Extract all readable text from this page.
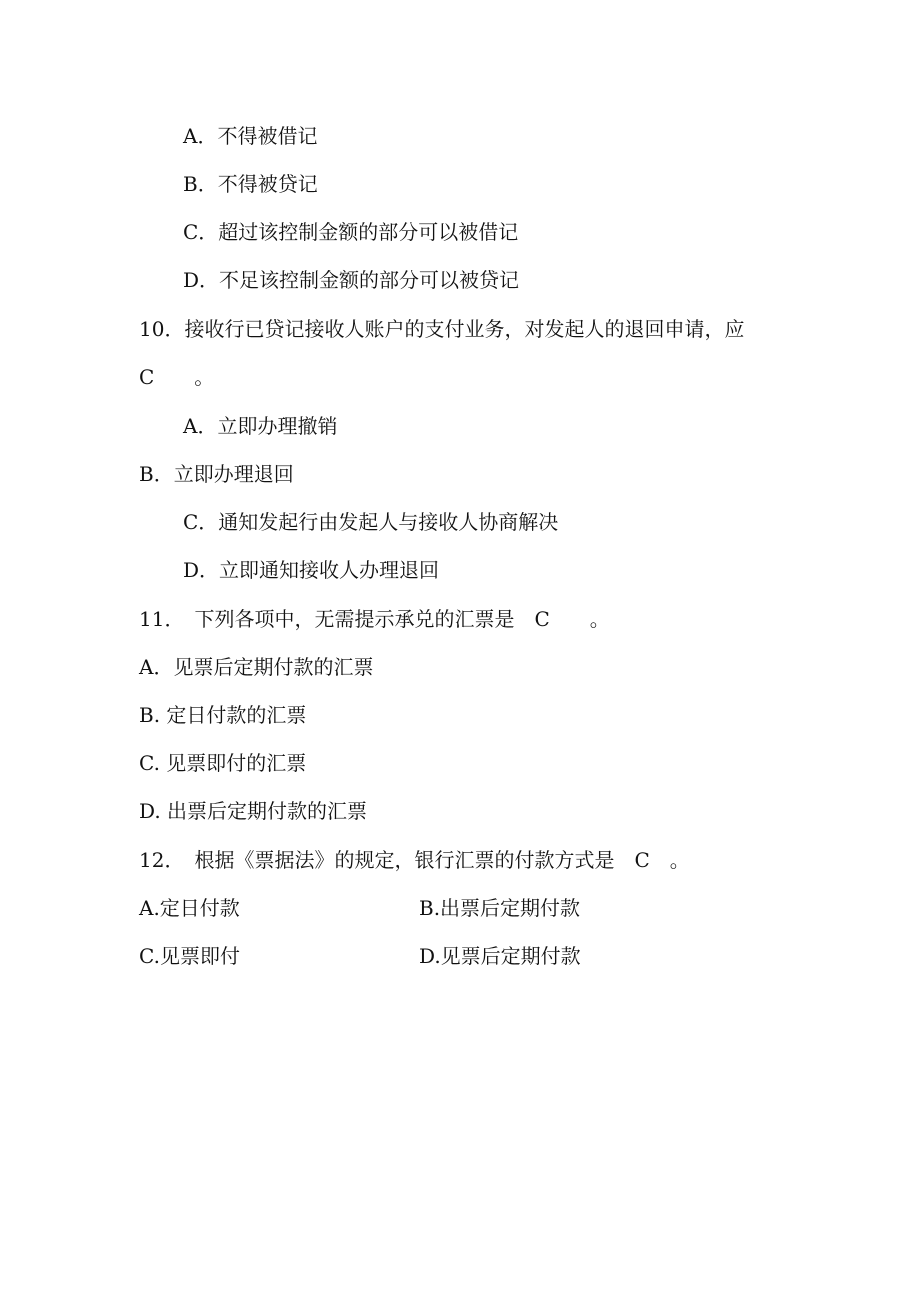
A．不得被借记
B．不得被贷记
C．超过该控制金额的部分可以被借记
D．不足该控制金额的部分可以被贷记
10．接收行已贷记接收人账户的支付业务，对发起人的退回申请，应
C　　。
A．立即办理撤销
B．立即办理退回
C．通知发起行由发起人与接收人协商解决
D．立即通知接收人办理退回
11．　下列各项中，无需提示承兑的汇票是　C　　。
A．见票后定期付款的汇票
B. 定日付款的汇票
C. 见票即付的汇票
D. 出票后定期付款的汇票
12．　根据《票据法》的规定，银行汇票的付款方式是　C　。
A.定日付款	B.出票后定期付款
C.见票即付	D.见票后定期付款
